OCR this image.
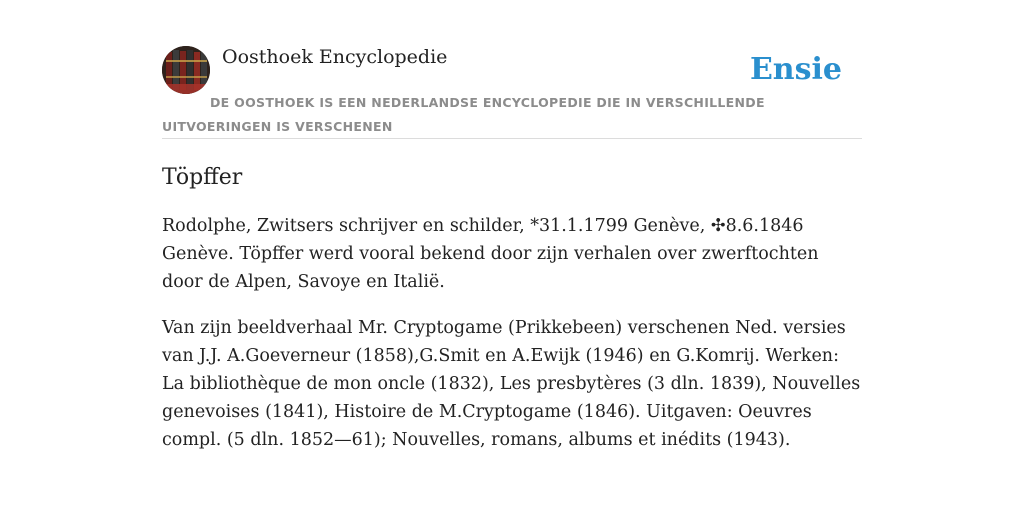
Oosthoek Encyclopedie	Ensie
DE OOSTHOEK IS EEN NEDERLANDSE ENCYCLOPEDIE DIE IN VERSCHILLENDE UITVOERINGEN IS VERSCHENEN
Töpffer

Rodolphe, Zwitsers schrijver en schilder, *31.1.1799 Genève, ✣8.6.1846 Genève. Töpffer werd vooral bekend door zijn verhalen over zwerftochten door de Alpen, Savoye en Italië.

Van zijn beeldverhaal Mr. Cryptogame (Prikkebeen) verschenen Ned. versies van J.J. A.Goeverneur (1858),G.Smit en A.Ewijk (1946) en G.Komrij. Werken: La bibliothèque de mon oncle (1832), Les presbytères (3 dln. 1839), Nouvelles genevoises (1841), Histoire de M.Cryptogame (1846). Uitgaven: Oeuvres compl. (5 dln. 1852—61); Nouvelles, romans, albums et inédits (1943).
